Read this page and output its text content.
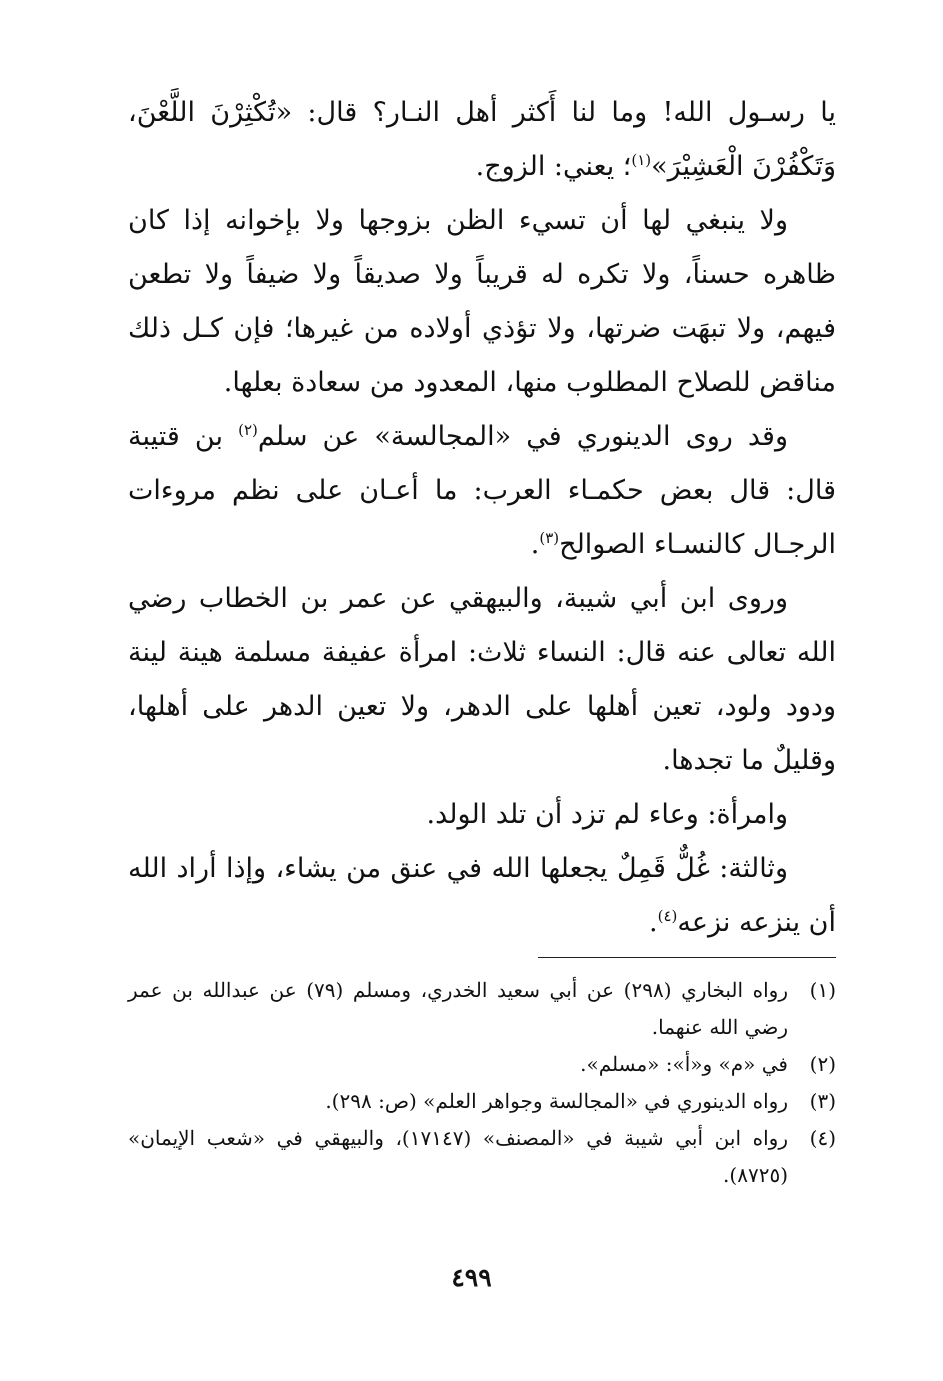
يا رسـول الله! وما لنا أَكثر أهل النـار؟ قال: «تُكْثِرْنَ اللَّعْنَ، وَتَكْفُرْنَ الْعَشِيْرَ»$^{(١)}$؛ يعني: الزوج.

ولا ينبغي لها أن تسيء الظن بزوجها ولا بإخوانه إذا كان ظاهره حسناً، ولا تكره له قريباً ولا صديقاً ولا ضيفاً ولا تطعن فيهم، ولا تبهَت ضرتها، ولا تؤذي أولاده من غيرها؛ فإن كـل ذلك مناقض للصلاح المطلوب منها، المعدود من سعادة بعلها.

وقد روى الدينوري في «المجالسة» عن سلم$^{(٢)}$ بن قتيبة قال: قال بعض حكمـاء العرب: ما أعـان على نظم مروءات الرجـال كالنسـاء الصوالح$^{(٣)}$.

وروى ابن أبي شيبة، والبيهقي عن عمر بن الخطاب رضي الله تعالى عنه قال: النساء ثلاث: امرأة عفيفة مسلمة هينة لينة ودود ولود، تعين أهلها على الدهر، ولا تعين الدهر على أهلها، وقليلٌ ما تجدها.

وامرأة: وعاء لم تزد أن تلد الولد.

وثالثة: غُلٌّ قَمِلٌ يجعلها الله في عنق من يشاء، وإذا أراد الله أن ينزعه نزعه$^{(٤)}$.

(١)
رواه البخاري (٢٩٨) عن أبي سعيد الخدري، ومسلم (٧٩) عن عبدالله بن عمر رضي الله عنهما.
(٢)
في «م» و«أ»: «مسلم».
(٣)
رواه الدينوري في «المجالسة وجواهر العلم» (ص: ٢٩٨).
(٤)
رواه ابن أبي شيبة في «المصنف» (١٧١٤٧)، والبيهقي في «شعب الإيمان» (٨٧٢٥).
٤٩٩
